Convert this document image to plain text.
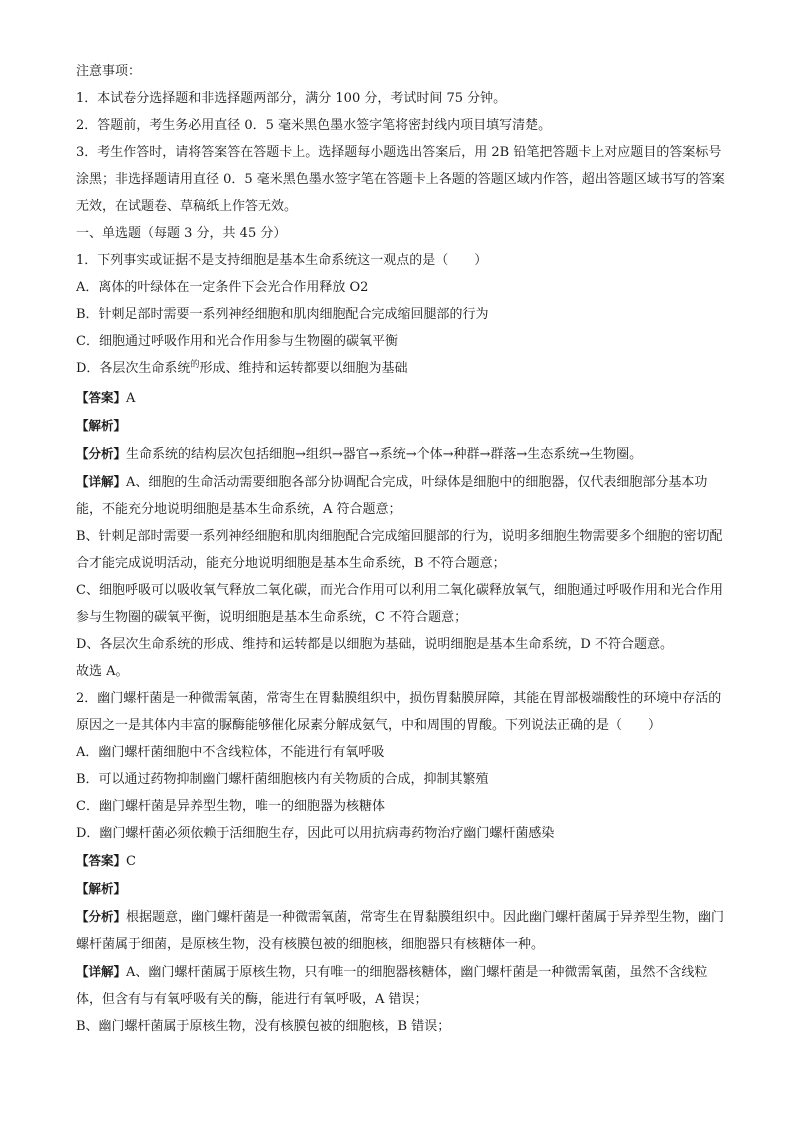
注意事项：
1．本试卷分选择题和非选择题两部分，满分 100 分，考试时间 75 分钟。
2．答题前，考生务必用直径 0．5 毫米黑色墨水签字笔将密封线内项目填写清楚。
3．考生作答时，请将答案答在答题卡上。选择题每小题选出答案后，用 2B 铅笔把答题卡上对应题目的答案标号涂黑；非选择题请用直径 0．5 毫米黑色墨水签字笔在答题卡上各题的答题区域内作答，超出答题区域书写的答案无效，在试题卷、草稿纸上作答无效。
一、单选题（每题 3 分，共 45 分）
1．下列事实或证据不是支持细胞是基本生命系统这一观点的是（　　）
A．离体的叶绿体在一定条件下会光合作用释放 O2
B．针刺足部时需要一系列神经细胞和肌肉细胞配合完成缩回腿部的行为
C．细胞通过呼吸作用和光合作用参与生物圈的碳氧平衡
D．各层次生命系统$^的$形成、维持和运转都要以细胞为基础
【答案】A
【解析】
【分析】生命系统的结构层次包括细胞→组织→器官→系统→个体→种群→群落→生态系统→生物圈。
【详解】A、细胞的生命活动需要细胞各部分协调配合完成，叶绿体是细胞中的细胞器，仅代表细胞部分基本功能，不能充分地说明细胞是基本生命系统，A 符合题意；
B、针刺足部时需要一系列神经细胞和肌肉细胞配合完成缩回腿部的行为，说明多细胞生物需要多个细胞的密切配合才能完成说明活动，能充分地说明细胞是基本生命系统，B 不符合题意；
C、细胞呼吸可以吸收氧气释放二氧化碳，而光合作用可以利用二氧化碳释放氧气，细胞通过呼吸作用和光合作用参与生物圈的碳氧平衡，说明细胞是基本生命系统，C 不符合题意；
D、各层次生命系统的形成、维持和运转都是以细胞为基础，说明细胞是基本生命系统，D 不符合题意。
故选 A。
2．幽门螺杆菌是一种微需氧菌，常寄生在胃黏膜组织中，损伤胃黏膜屏障，其能在胃部极端酸性的环境中存活的原因之一是其体内丰富的脲酶能够催化尿素分解成氨气，中和周围的胃酸。下列说法正确的是（　　）
A．幽门螺杆菌细胞中不含线粒体，不能进行有氧呼吸
B．可以通过药物抑制幽门螺杆菌细胞核内有关物质的合成，抑制其繁殖
C．幽门螺杆菌是异养型生物，唯一的细胞器为核糖体
D．幽门螺杆菌必须依赖于活细胞生存，因此可以用抗病毒药物治疗幽门螺杆菌感染
【答案】C
【解析】
【分析】根据题意，幽门螺杆菌是一种微需氧菌，常寄生在胃黏膜组织中。因此幽门螺杆菌属于异养型生物，幽门螺杆菌属于细菌，是原核生物，没有核膜包被的细胞核，细胞器只有核糖体一种。
【详解】A、幽门螺杆菌属于原核生物，只有唯一的细胞器核糖体，幽门螺杆菌是一种微需氧菌，虽然不含线粒体，但含有与有氧呼吸有关的酶，能进行有氧呼吸，A 错误；
B、幽门螺杆菌属于原核生物，没有核膜包被的细胞核，B 错误；
